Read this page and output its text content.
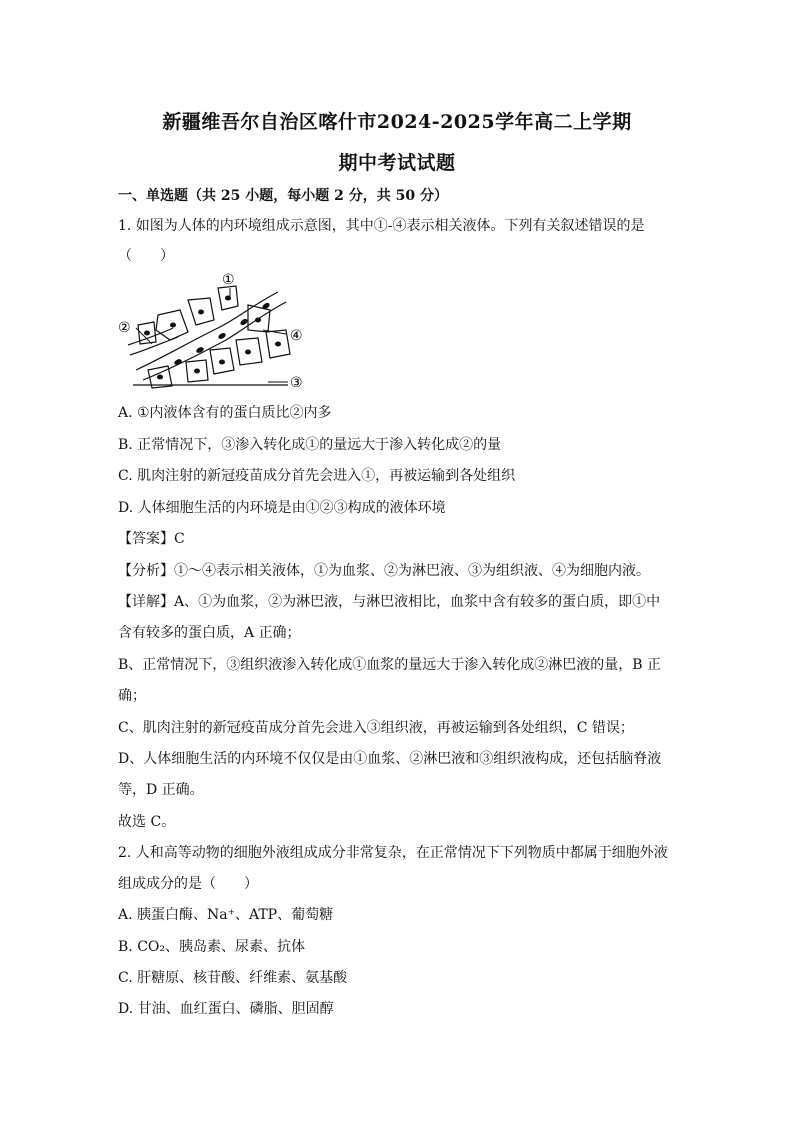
新疆维吾尔自治区喀什市2024-2025学年高二上学期
期中考试试题
一、单选题（共 25 小题，每小题 2 分，共 50 分）
1. 如图为人体的内环境组成示意图，其中①-④表示相关液体。下列有关叙述错误的是
（　　）
①
②
③
④
A. ①内液体含有的蛋白质比②内多
B. 正常情况下，③渗入转化成①的量远大于渗入转化成②的量
C. 肌肉注射的新冠疫苗成分首先会进入①，再被运输到各处组织
D. 人体细胞生活的内环境是由①②③构成的液体环境
【答案】C
【分析】①～④表示相关液体，①为血浆、②为淋巴液、③为组织液、④为细胞内液。
【详解】A、①为血浆，②为淋巴液，与淋巴液相比，血浆中含有较多的蛋白质，即①中
含有较多的蛋白质，A 正确；
B、正常情况下，③组织液渗入转化成①血浆的量远大于渗入转化成②淋巴液的量，B 正
确；
C、肌肉注射的新冠疫苗成分首先会进入③组织液，再被运输到各处组织，C 错误；
D、人体细胞生活的内环境不仅仅是由①血浆、②淋巴液和③组织液构成，还包括脑脊液
等，D 正确。
故选 C。
2. 人和高等动物的细胞外液组成成分非常复杂，在正常情况下下列物质中都属于细胞外液
组成成分的是（　　）
A. 胰蛋白酶、Na⁺、ATP、葡萄糖
B. CO₂、胰岛素、尿素、抗体
C. 肝糖原、核苷酸、纤维素、氨基酸
D. 甘油、血红蛋白、磷脂、胆固醇
